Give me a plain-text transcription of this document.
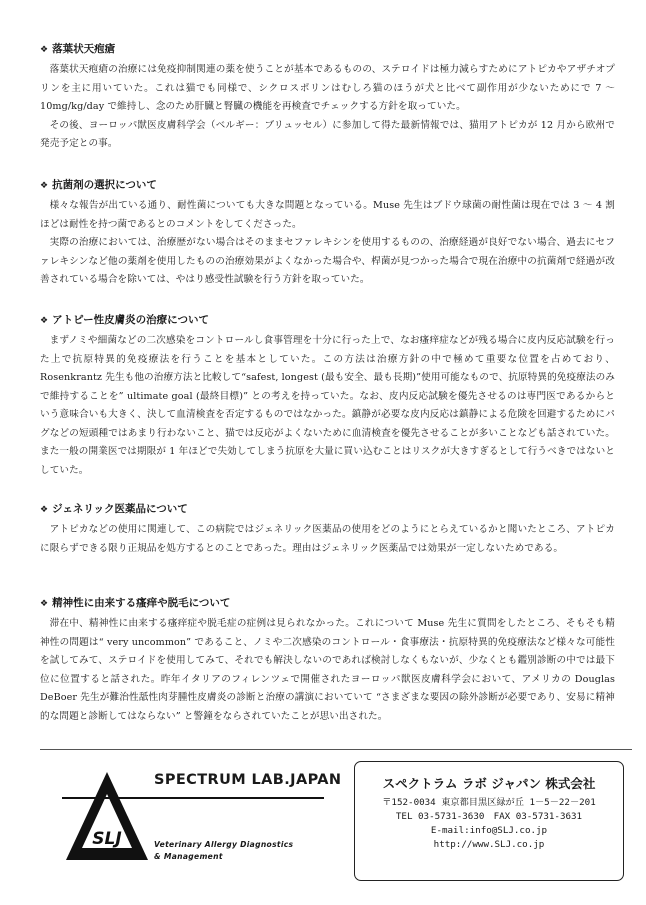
❖ 落葉状天疱瘡

落葉状天疱瘡の治療には免疫抑制関連の薬を使うことが基本であるものの、ステロイドは極力減らすためにアトピカやアザチオプリンを主に用いていた。これは猫でも同様で、シクロスポリンはむしろ猫のほうが犬と比べて副作用が少ないためにで 7 ～ 10mg/kg/day で維持し、念のため肝臓と腎臓の機能を再検査でチェックする方針を取っていた。

その後、ヨーロッパ獣医皮膚科学会（ベルギー：ブリュッセル）に参加して得た最新情報では、猫用アトピカが 12 月から欧州で発売予定との事。

❖ 抗菌剤の選択について

様々な報告が出ている通り、耐性菌についても大きな問題となっている。Muse 先生はブドウ球菌の耐性菌は現在では 3 ～ 4 割ほどは耐性を持つ菌であるとのコメントをしてくださった。

実際の治療においては、治療歴がない場合はそのままセファレキシンを使用するものの、治療経過が良好でない場合、過去にセファレキシンなど他の薬剤を使用したものの治療効果がよくなかった場合や、桿菌が見つかった場合で現在治療中の抗菌剤で経過が改善されている場合を除いては、やはり感受性試験を行う方針を取っていた。

❖ アトピー性皮膚炎の治療について

まずノミや細菌などの二次感染をコントロールし食事管理を十分に行った上で、なお瘙痒症などが残る場合に皮内反応試験を行った上で抗原特異的免疫療法を行うことを基本としていた。この方法は治療方針の中で極めて重要な位置を占めており、Rosenkrantz 先生も他の治療方法と比較して“safest, longest (最も安全、最も長期)”使用可能なもので、抗原特異的免疫療法のみで維持することを” ultimate goal (最終目標)” との考えを持っていた。なお、皮内反応試験を優先させるのは専門医であるからという意味合いも大きく、決して血清検査を否定するものではなかった。鎮静が必要な皮内反応は鎮静による危険を回避するためにパグなどの短頭種ではあまり行わないこと、猫では反応がよくないために血清検査を優先させることが多いことなども話されていた。また一般の開業医では期限が 1 年ほどで失効してしまう抗原を大量に買い込むことはリスクが大きすぎるとして行うべきではないとしていた。

❖ ジェネリック医薬品について

アトピカなどの使用に関連して、この病院ではジェネリック医薬品の使用をどのようにとらえているかと聞いたところ、アトピカに限らずできる限り正規品を処方するとのことであった。理由はジェネリック医薬品では効果が一定しないためである。

❖ 精神性に由来する瘙痒や脱毛について

滞在中、精神性に由来する瘙痒症や脱毛症の症例は見られなかった。これについて Muse 先生に質問をしたところ、そもそも精神性の問題は“ very uncommon” であること、ノミや二次感染のコントロール・食事療法・抗原特異的免疫療法など様々な可能性を試してみて、ステロイドを使用してみて、それでも解決しないのであれば検討しなくもないが、少なくとも鑑別診断の中では最下位に位置すると話された。昨年イタリアのフィレンツェで開催されたヨーロッパ獣医皮膚科学会において、アメリカの Douglas DeBoer 先生が難治性舐性肉芽腫性皮膚炎の診断と治療の講演においていて “さまざまな要因の除外診断が必要であり、安易に精神的な問題と診断してはならない” と警鐘をならされていたことが思い出された。

SLJ
SPECTRUM LAB.JAPAN
Veterinary Allergy Diagnostics
& Management
スペクトラム ラボ ジャパン 株式会社
〒152-0034 東京都目黒区緑が丘 1－5－22－201
TEL 03-5731-3630　FAX 03-5731-3631
E-mail:info@SLJ.co.jp
http://www.SLJ.co.jp
